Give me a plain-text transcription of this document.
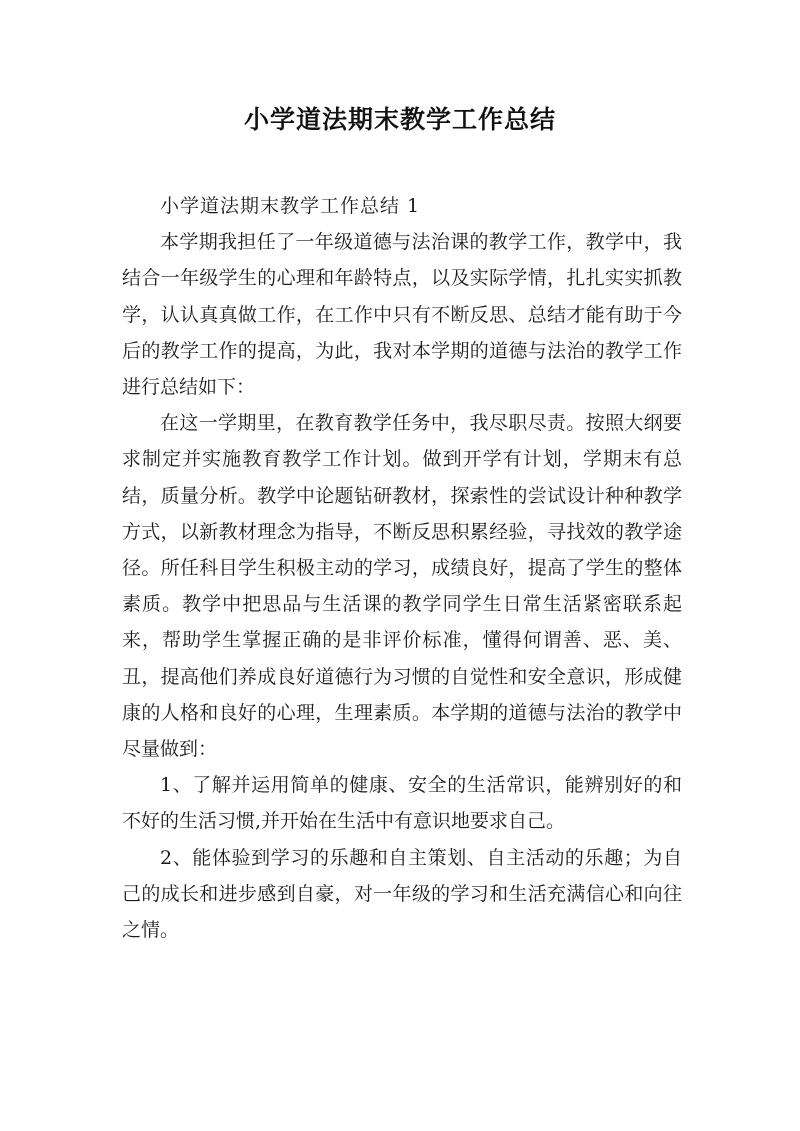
小学道法期末教学工作总结

小学道法期末教学工作总结 1

本学期我担任了一年级道德与法治课的教学工作，教学中，我结合一年级学生的心理和年龄特点，以及实际学情，扎扎实实抓教学，认认真真做工作，在工作中只有不断反思、总结才能有助于今后的教学工作的提高，为此，我对本学期的道德与法治的教学工作进行总结如下：

在这一学期里，在教育教学任务中，我尽职尽责。按照大纲要求制定并实施教育教学工作计划。做到开学有计划，学期末有总结，质量分析。教学中论题钻研教材，探索性的尝试设计种种教学方式，以新教材理念为指导，不断反思积累经验，寻找效的教学途径。所任科目学生积极主动的学习，成绩良好，提高了学生的整体素质。教学中把思品与生活课的教学同学生日常生活紧密联系起来，帮助学生掌握正确的是非评价标准，懂得何谓善、恶、美、丑，提高他们养成良好道德行为习惯的自觉性和安全意识，形成健康的人格和良好的心理，生理素质。本学期的道德与法治的教学中尽量做到：

1、了解并运用简单的健康、安全的生活常识，能辨别好的和不好的生活习惯,并开始在生活中有意识地要求自己。

2、能体验到学习的乐趣和自主策划、自主活动的乐趣；为自己的成长和进步感到自豪，对一年级的学习和生活充满信心和向往之情。
